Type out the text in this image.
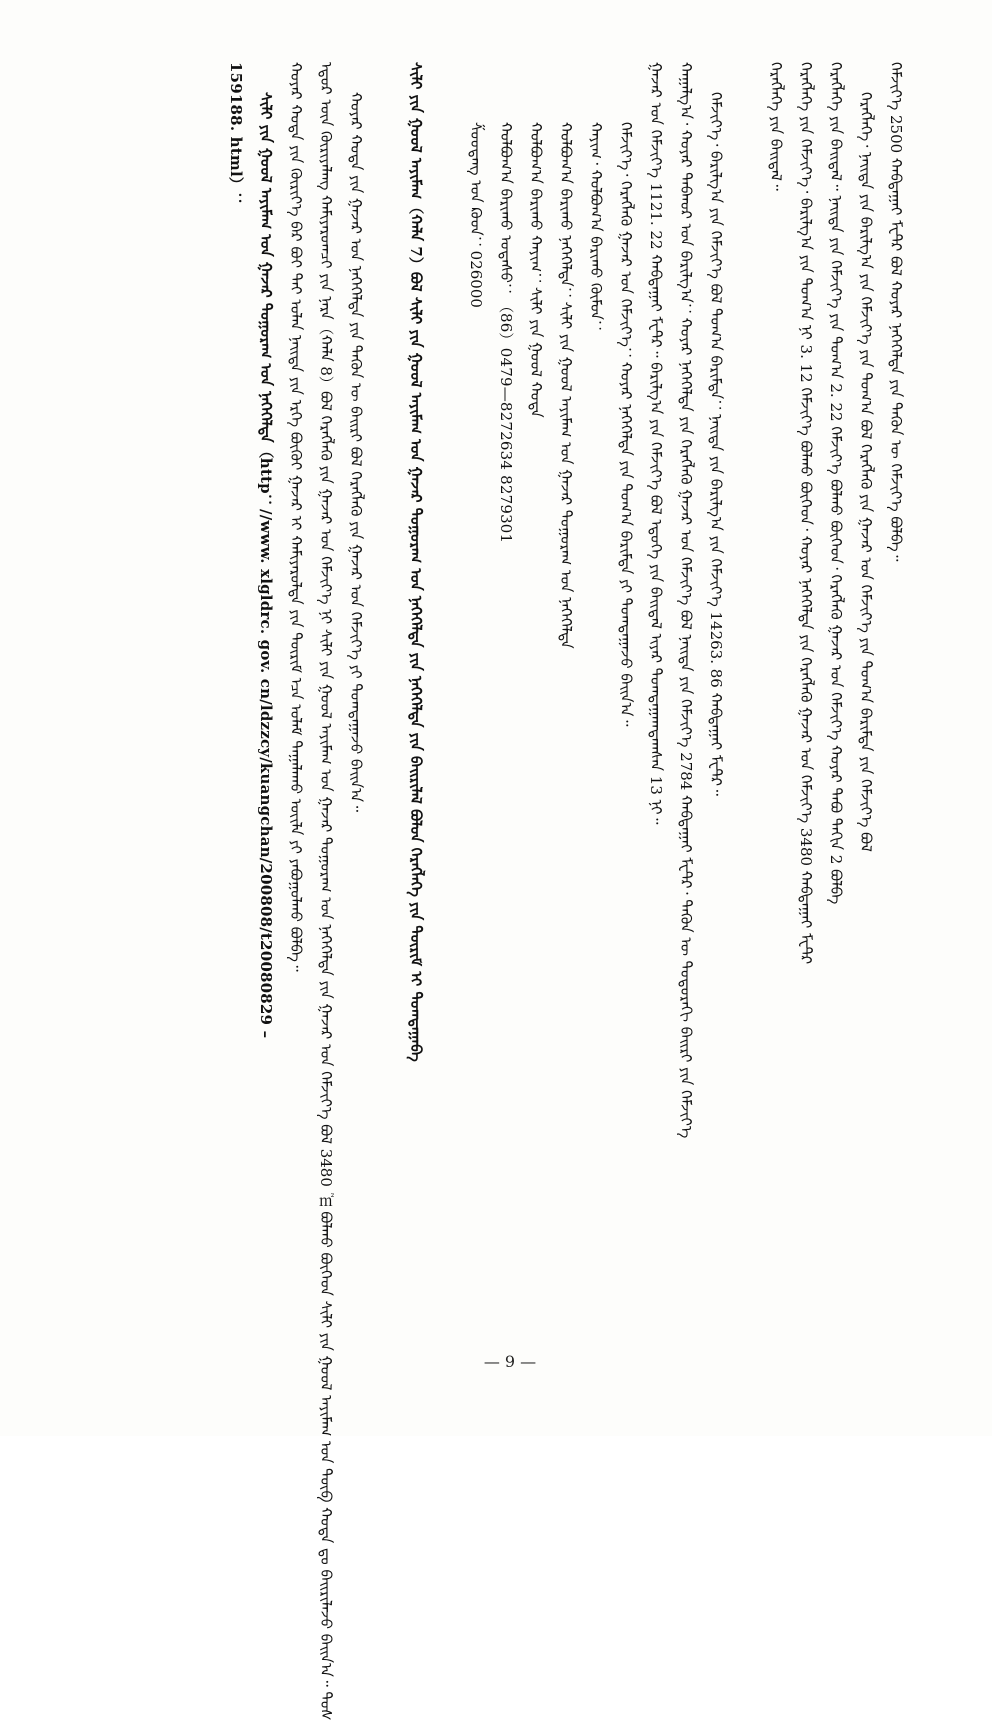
159188. html）： ᠰᠢᠯᠢ ᠶᠢᠨ ᠭᠣᠤᠯ ᠠᠶᠢᠮᠠᠭ ᠤᠨ ᠭᠠᠵᠠᠷ ᠳᠤᠭᠤᠷᠠᠭ ᠤᠨ ᠨᠡᠭᠡᠭᠡᠯᠲᠡ（http：//www. xlgldrc. gov. cn/ldzzcy/kuangchan/200808/t20080829 – ᠬᠣᠶᠠᠷ ᠬᠣᠳᠠ ᠶᠢᠨ ᠬᠦᠷᠢᠶ᠎ᠡ ᠪᠡᠷ ᠪᠤᠶ ᠲᠠᠢ ᠣᠯᠠᠨ ᠨᠡᠢᠲᠡ ᠶᠢᠨ ᠡᠷᠬᠡ ᠪᠦᠬᠦᠢ ᠭᠠᠵᠠᠷ ᠢ ᠬᠠᠮᠢᠶᠠᠷᠤᠯᠲᠠ ᠶᠢᠨ ᠳᠦᠷᠢᠮ ᠡᠴᠡ ᠤᠯᠠᠮ ᠲᠠᠭᠠᠯᠠᠬᠤ ᠦᠢᠯᠡ ᠶᠢ ᠶᠠᠪᠤᠭᠤᠯᠬᠤ ᠪᠣᠯᠪᠠ᠃ ᠡᠳᠦᠷ ᠦᠨ ᠬᠦᠷᠢᠶᠡᠯᠡᠩ ᠬᠠᠮᠢᠶᠠᠷᠤᠭᠴᠢ ᠶᠢᠨ ᠨᠡᠷᠡ（ᠬᠠᠯᠠ 8）ᠪᠣᠯ ᠬᠡᠷᠡᠭᠯᠡᠬᠦ ᠶᠢᠨ ᠭᠠᠵᠠᠷ ᠤᠨ ᠬᠡᠮᠵᠢᠶ᠎ᠡ ᠨᠢ ᠰᠢᠯᠢ ᠶᠢᠨ ᠭᠣᠤᠯ ᠠᠶᠢᠮᠠᠭ ᠤᠨ ᠭᠠᠵᠠᠷ ᠳᠤᠭᠤᠷᠠᠭ ᠤᠨ ᠨᠡᠭᠡᠭᠡᠯᠲᠡ ᠶᠢᠨ ᠭᠠᠵᠠᠷ ᠤᠨ ᠬᠡᠮᠵᠢᠶ᠎ᠡ ᠪᠣᠯ 3480 ㎡ ᠪᠣᠯᠬᠤ ᠪᠥᠭᠡᠳ ᠰᠢᠯᠢ ᠶᠢᠨ ᠭᠣᠤᠯ ᠠᠶᠢᠮᠠᠭ ᠤᠨ ᠲᠥᠪ ᠬᠣᠲᠠ ᠳᠤ ᠪᠠᠢᠷᠢᠯᠠᠵᠤ ᠪᠠᠢᠨ᠎ᠠ᠃ ᠲᠤᠰ ᠬᠣᠶᠠᠷ ᠬᠣᠳᠠ ᠶᠢᠨ ᠭᠠᠵᠠᠷ ᠤᠨ ᠨᠡᠭᠡᠭᠡᠯᠲᠡ ᠶᠢᠨ ᠲᠡᠭᠦᠨ ᠦ ᠪᠠᠢᠷᠢ ᠪᠣᠯ ᠬᠡᠷᠡᠭᠯᠡᠬᠦ ᠶᠢᠨ ᠭᠠᠵᠠᠷ ᠤᠨ ᠬᠡᠮᠵᠢᠶ᠎ᠡ ᠶᠢ ᠲᠣᠭᠲᠠᠭᠠᠵᠤ ᠪᠠᠢᠨ᠎ᠠ᠃	ᠰᠢᠯᠢ ᠶᠢᠨ ᠭᠣᠤᠯ ᠠᠶᠢᠮᠠᠭ（ᠬᠠᠯᠠ 7）ᠪᠣᠯ ᠰᠢᠯᠢ ᠶᠢᠨ ᠭᠣᠤᠯ ᠠᠶᠢᠮᠠᠭ ᠤᠨ ᠭᠠᠵᠠᠷ ᠳᠤᠭᠤᠷᠠᠭ ᠤᠨ ᠨᠡᠭᠡᠭᠡᠯᠲᠡ ᠶᠢᠨ ᠨᠡᠭᠡᠭᠡᠯᠲᠡ ᠶᠢᠨ ᠪᠠᠢᠷᠢᠯᠠᠯ ᠪᠣᠯᠤᠨ ᠬᠡᠷᠡᠭᠯᠡᠭᠡ ᠶᠢᠨ ᠳᠦᠷᠢᠮ ᠢ ᠲᠣᠭᠲᠠᠭᠠᠪᠠ	ᠱᠤᠤᠳᠠᠩ ᠤᠨ ᠺᠣᠳ：026000 ᠬᠣᠯᠪᠣᠭ᠎ᠠ ᠪᠠᠷᠢᠬᠤ ᠤᠲᠠᠰᠤ：（86）0479—8272634 8279301 ᠬᠣᠯᠪᠣᠭ᠎ᠠ ᠪᠠᠷᠢᠬᠤ ᠬᠠᠶᠢᠭ：ᠰᠢᠯᠢ ᠶᠢᠨ ᠭᠣᠤᠯ ᠬᠣᠲᠠ ᠬᠣᠯᠪᠣᠭ᠎ᠠ ᠪᠠᠷᠢᠬᠤ ᠨᠡᠭᠡᠭᠡᠯᠲᠡ：ᠰᠢᠯᠢ ᠶᠢᠨ ᠭᠣᠤᠯ ᠠᠶᠢᠮᠠᠭ ᠤᠨ ᠭᠠᠵᠠᠷ ᠳᠤᠭᠤᠷᠠᠭ ᠤᠨ ᠨᠡᠭᠡᠭᠡᠯᠲᠡ ᠬᠠᠶᠢᠭ᠂ ᠬᠣᠯᠪᠣᠭ᠎ᠠ ᠪᠠᠷᠢᠬᠤ ᠬᠦᠮᠦᠨ： ᠬᠡᠮᠵᠢᠶ᠎ᠡ᠂ ᠬᠡᠷᠡᠭᠯᠡᠬᠦ ᠭᠠᠵᠠᠷ ᠤᠨ ᠬᠡᠮᠵᠢᠶ᠎ᠡ：ᠬᠣᠶᠠᠷ ᠨᠡᠭᠡᠭᠡᠯᠲᠡ ᠶᠢᠨ ᠲᠣᠭ᠎ᠠ ᠪᠠᠷᠢᠮᠲᠠ ᠶᠢ ᠲᠣᠭᠲᠠᠭᠠᠵᠤ ᠪᠠᠢᠨ᠎ᠠ᠃ ᠭᠠᠵᠠᠷ ᠤᠨ ᠬᠡᠮᠵᠢᠶ᠎ᠡ 1121. 22 ᠬᠠᠪᠲᠠᠭᠠᠢ ᠮᠧᠲ᠋ᠷ᠃ ᠪᠠᠷᠢᠯᠭ᠎ᠠ ᠶᠢᠨ ᠬᠡᠮᠵᠢᠶ᠎ᠡ ᠪᠣᠯ ᠡᠳᠦᠭᠡ ᠶᠢᠨ ᠪᠠᠢᠳᠠᠯ ᠢᠶᠠᠷ ᠲᠣᠭᠲᠠᠭᠠᠭᠳᠠᠭᠰᠠᠨ 13 ᠨᠢ᠃ ᠬᠠᠭᠠᠯᠭ᠎ᠠ᠂ ᠬᠣᠶᠠᠷ ᠳᠠᠪᠬᠤᠷ ᠤᠨ ᠪᠠᠷᠢᠯᠭ᠎ᠠ：ᠬᠣᠶᠠᠷ ᠨᠡᠭᠡᠭᠡᠯᠲᠡ ᠶᠢᠨ ᠬᠡᠷᠡᠭᠯᠡᠬᠦ ᠭᠠᠵᠠᠷ ᠤᠨ ᠬᠡᠮᠵᠢᠶ᠎ᠡ ᠪᠣᠯ ᠨᠡᠢᠲᠡ ᠶᠢᠨ ᠬᠡᠮᠵᠢᠶ᠎ᠡ 2784 ᠬᠠᠪᠲᠠᠭᠠᠢ ᠮᠧᠲ᠋ᠷ᠂ ᠲᠡᠭᠦᠨ ᠦ ᠳᠣᠲᠣᠷᠠᠬᠢ ᠪᠠᠢᠷᠢ ᠶᠢᠨ ᠬᠡᠮᠵᠢᠶ᠎ᠡ ᠬᠡᠮᠵᠢᠶ᠎ᠡ᠂ ᠪᠠᠷᠢᠯᠭ᠎ᠠ ᠶᠢᠨ ᠬᠡᠮᠵᠢᠶ᠎ᠡ ᠪᠣᠯ ᠲᠣᠭ᠎ᠠ ᠪᠠᠷᠢᠮᠲᠠ：ᠨᠡᠢᠲᠡ ᠶᠢᠨ ᠪᠠᠷᠢᠯᠭ᠎ᠠ ᠶᠢᠨ ᠬᠡᠮᠵᠢᠶ᠎ᠡ 14263. 86 ᠬᠠᠪᠲᠠᠭᠠᠢ ᠮᠧᠲ᠋ᠷ᠃	ᠬᠡᠷᠡᠭᠯᠡᠭᠡ ᠶᠢᠨ ᠪᠠᠢᠳᠠᠯ᠃ ᠬᠡᠷᠡᠭᠯᠡᠭᠡ ᠶᠢᠨ ᠬᠡᠮᠵᠢᠶ᠎ᠡ᠂ ᠪᠠᠷᠢᠯᠭ᠎ᠠ ᠶᠢᠨ ᠲᠣᠭ᠎ᠠ ᠨᠢ 3. 12 ᠬᠡᠮᠵᠢᠶ᠎ᠡ ᠪᠣᠯᠬᠤ ᠪᠥᠭᠡᠳ᠂ ᠬᠣᠶᠠᠷ ᠨᠡᠭᠡᠭᠡᠯᠲᠡ ᠶᠢᠨ ᠬᠡᠷᠡᠭᠯᠡᠬᠦ ᠭᠠᠵᠠᠷ ᠤᠨ ᠬᠡᠮᠵᠢᠶ᠎ᠡ 3480 ᠬᠠᠪᠲᠠᠭᠠᠢ ᠮᠧᠲ᠋ᠷ ᠬᠡᠷᠡᠭᠯᠡᠭᠡ ᠶᠢᠨ ᠪᠠᠢᠳᠠᠯ᠃ ᠨᠡᠢᠲᠡ ᠶᠢᠨ ᠬᠡᠮᠵᠢᠶ᠎ᠡ ᠶᠢᠨ ᠲᠣᠭ᠎ᠠ 2. 22 ᠬᠡᠮᠵᠢᠶ᠎ᠡ ᠪᠣᠯᠬᠤ ᠪᠥᠭᠡᠳ᠂ ᠬᠡᠷᠡᠭᠯᠡᠬᠦ ᠭᠠᠵᠠᠷ ᠤᠨ ᠬᠡᠮᠵᠢᠶ᠎ᠡ ᠬᠣᠶᠠᠷ ᠲᠠᠪᠤ ᠳᠠᠬᠢᠨ 2 ᠪᠣᠯᠪᠠ ᠬᠡᠷᠡᠭᠯᠡᠭᠡ᠂ ᠨᠡᠢᠲᠡ ᠶᠢᠨ ᠪᠠᠷᠢᠯᠭ᠎ᠠ ᠶᠢᠨ ᠬᠡᠮᠵᠢᠶ᠎ᠡ ᠶᠢᠨ ᠲᠣᠭ᠎ᠠ ᠪᠣᠯ ᠬᠡᠷᠡᠭᠯᠡᠬᠦ ᠶᠢᠨ ᠭᠠᠵᠠᠷ ᠤᠨ ᠬᠡᠮᠵᠢᠶ᠎ᠡ ᠶᠢᠨ ᠲᠣᠭ᠎ᠠ ᠪᠠᠷᠢᠮᠲᠠ ᠶᠢᠨ ᠬᠡᠮᠵᠢᠶ᠎ᠡ ᠪᠣᠯ ᠬᠡᠮᠵᠢᠶ᠎ᠡ 2500 ᠬᠠᠪᠲᠠᠭᠠᠢ ᠮᠧᠲ᠋ᠷ ᠪᠣᠯ ᠬᠣᠶᠠᠷ ᠨᠡᠭᠡᠭᠡᠯᠲᠡ ᠶᠢᠨ ᠲᠡᠭᠦᠨ ᠦ ᠬᠡᠮᠵᠢᠶ᠎ᠡ ᠪᠣᠯᠪᠠ᠃
— 9 —
